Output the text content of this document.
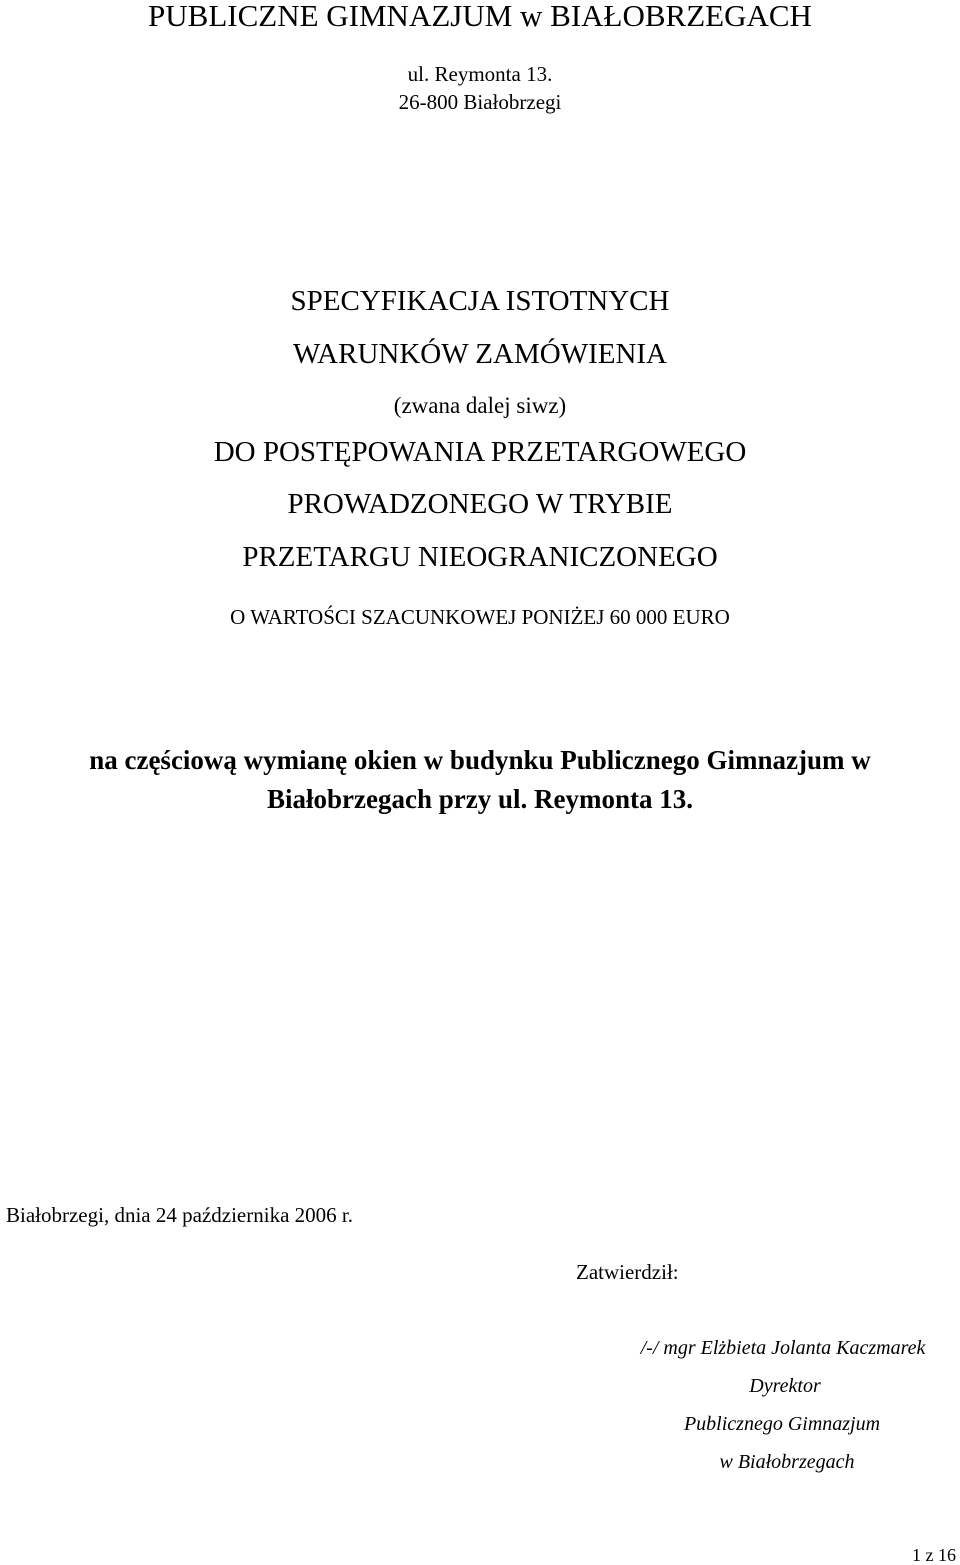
PUBLICZNE GIMNAZJUM w BIAŁOBRZEGACH
ul. Reymonta 13.
26-800 Białobrzegi
SPECYFIKACJA ISTOTNYCH
WARUNKÓW ZAMÓWIENIA
(zwana dalej siwz)
DO POSTĘPOWANIA PRZETARGOWEGO
PROWADZONEGO W TRYBIE
PRZETARGU NIEOGRANICZONEGO
O WARTOŚCI SZACUNKOWEJ PONIŻEJ 60 000 EURO
na częściową wymianę okien w budynku Publicznego Gimnazjum w
Białobrzegach przy ul. Reymonta 13.
Białobrzegi, dnia 24 października 2006 r.
Zatwierdził:
/-/ mgr Elżbieta Jolanta Kaczmarek
Dyrektor
Publicznego Gimnazjum
w Białobrzegach
1 z 16
